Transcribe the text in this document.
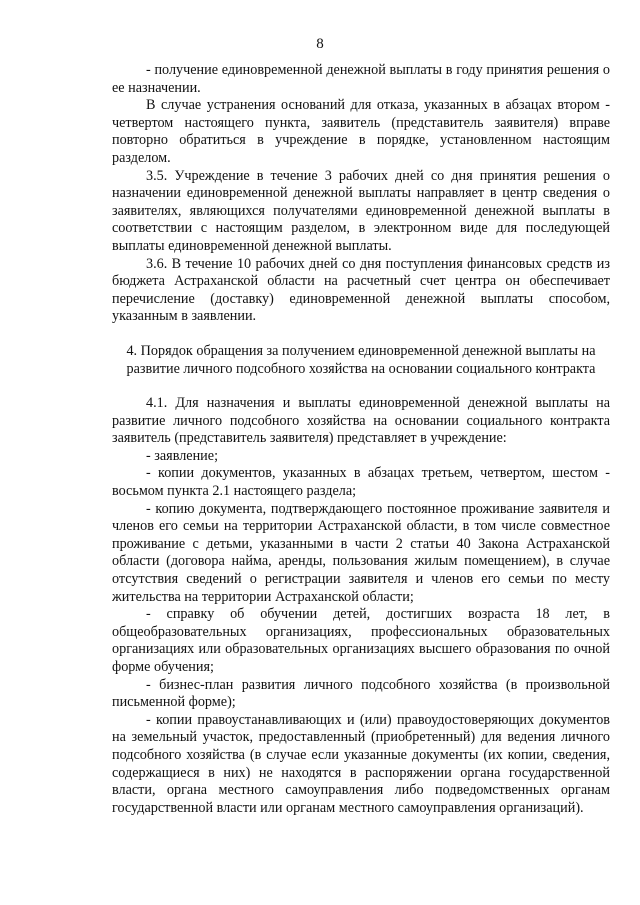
8

- получение единовременной денежной выплаты в году принятия решения о ее назначении.

В случае устранения оснований для отказа, указанных в абзацах втором - четвертом настоящего пункта, заявитель (представитель заявителя) вправе повторно обратиться в учреждение в порядке, установленном настоящим разделом.

3.5. Учреждение в течение 3 рабочих дней со дня принятия решения о назначении единовременной денежной выплаты направляет в центр сведения о заявителях, являющихся получателями единовременной денежной выплаты в соответствии с настоящим разделом, в электронном виде для последующей выплаты единовременной денежной выплаты.

3.6. В течение 10 рабочих дней со дня поступления финансовых средств из бюджета Астраханской области на расчетный счет центра он обеспечивает перечисление (доставку) единовременной денежной выплаты способом, указанным в заявлении.

4. Порядок обращения за получением единовременной денежной выплаты на развитие личного подсобного хозяйства на основании социального контракта

4.1. Для назначения и выплаты единовременной денежной выплаты на развитие личного подсобного хозяйства на основании социального контракта заявитель (представитель заявителя) представляет в учреждение:

- заявление;

- копии документов, указанных в абзацах третьем, четвертом, шестом - восьмом пункта 2.1 настоящего раздела;

- копию документа, подтверждающего постоянное проживание заявителя и членов его семьи на территории Астраханской области, в том числе совместное проживание с детьми, указанными в части 2 статьи 40 Закона Астраханской области (договора найма, аренды, пользования жилым помещением), в случае отсутствия сведений о регистрации заявителя и членов его семьи по месту жительства на территории Астраханской области;

- справку об обучении детей, достигших возраста 18 лет, в общеобразовательных организациях, профессиональных образовательных организациях или образовательных организациях высшего образования по очной форме обучения;

- бизнес-план развития личного подсобного хозяйства (в произвольной письменной форме);

- копии правоустанавливающих и (или) правоудостоверяющих документов на земельный участок, предоставленный (приобретенный) для ведения личного подсобного хозяйства (в случае если указанные документы (их копии, сведения, содержащиеся в них) не находятся в распоряжении органа государственной власти, органа местного самоуправления либо подведомственных органам государственной власти или органам местного самоуправления организаций).
